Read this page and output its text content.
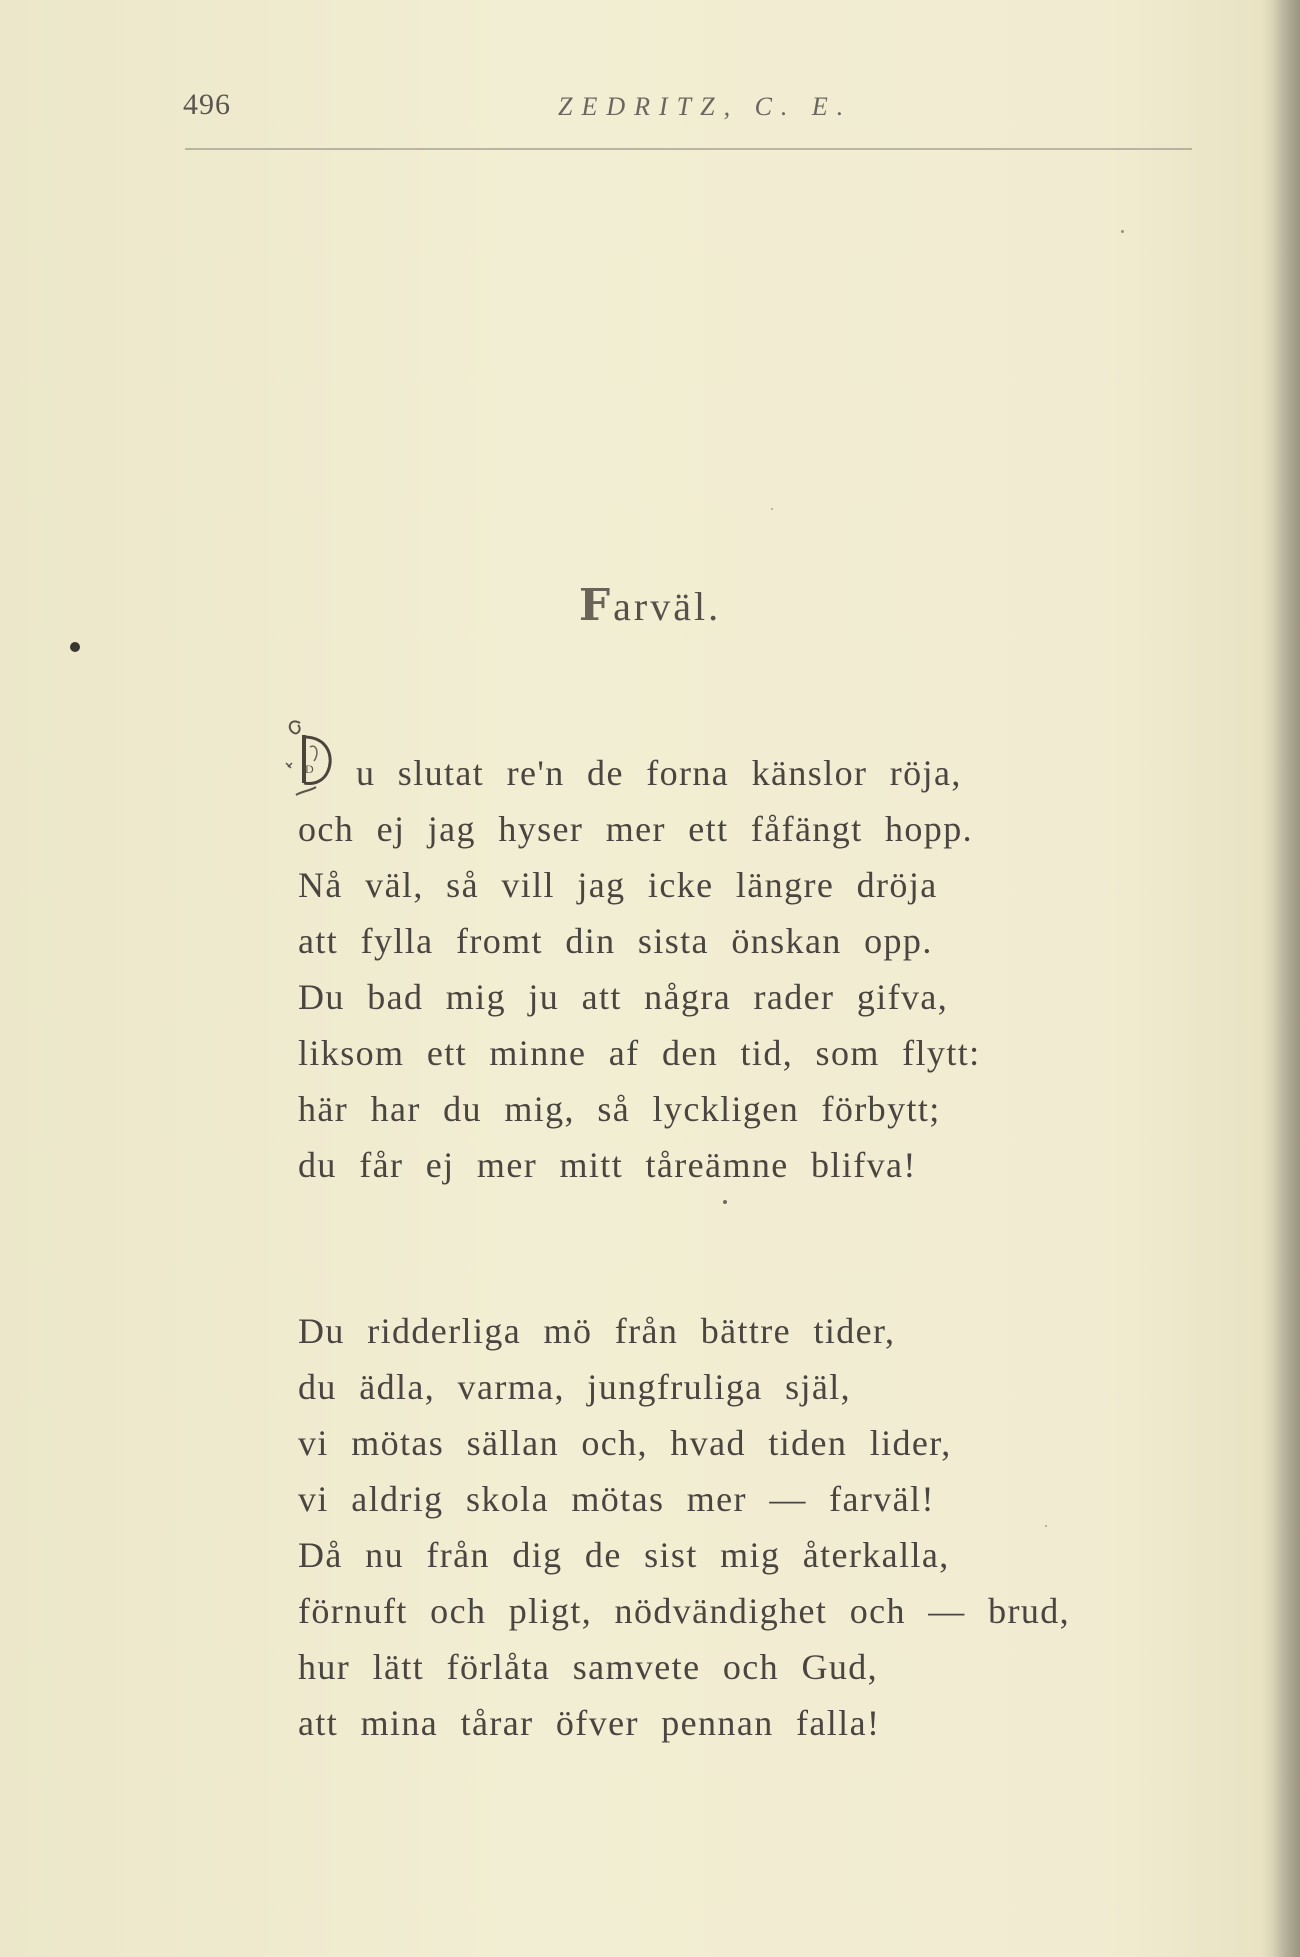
496	ZEDRITZ, C. E.
Farväl.
D u slutat re'n de forna känslor röja,
och ej jag hyser mer ett fåfängt hopp.
Nå väl, så vill jag icke längre dröja
att fylla fromt din sista önskan opp.
Du bad mig ju att några rader gifva,
liksom ett minne af den tid, som flytt:
här har du mig, så lyckligen förbytt;
du får ej mer mitt tåreämne blifva!
Du ridderliga mö från bättre tider,
du ädla, varma, jungfruliga själ,
vi mötas sällan och, hvad tiden lider,
vi aldrig skola mötas mer — farväl!
Då nu från dig de sist mig återkalla,
förnuft och pligt, nödvändighet och — brud,
hur lätt förlåta samvete och Gud,
att mina tårar öfver pennan falla!
